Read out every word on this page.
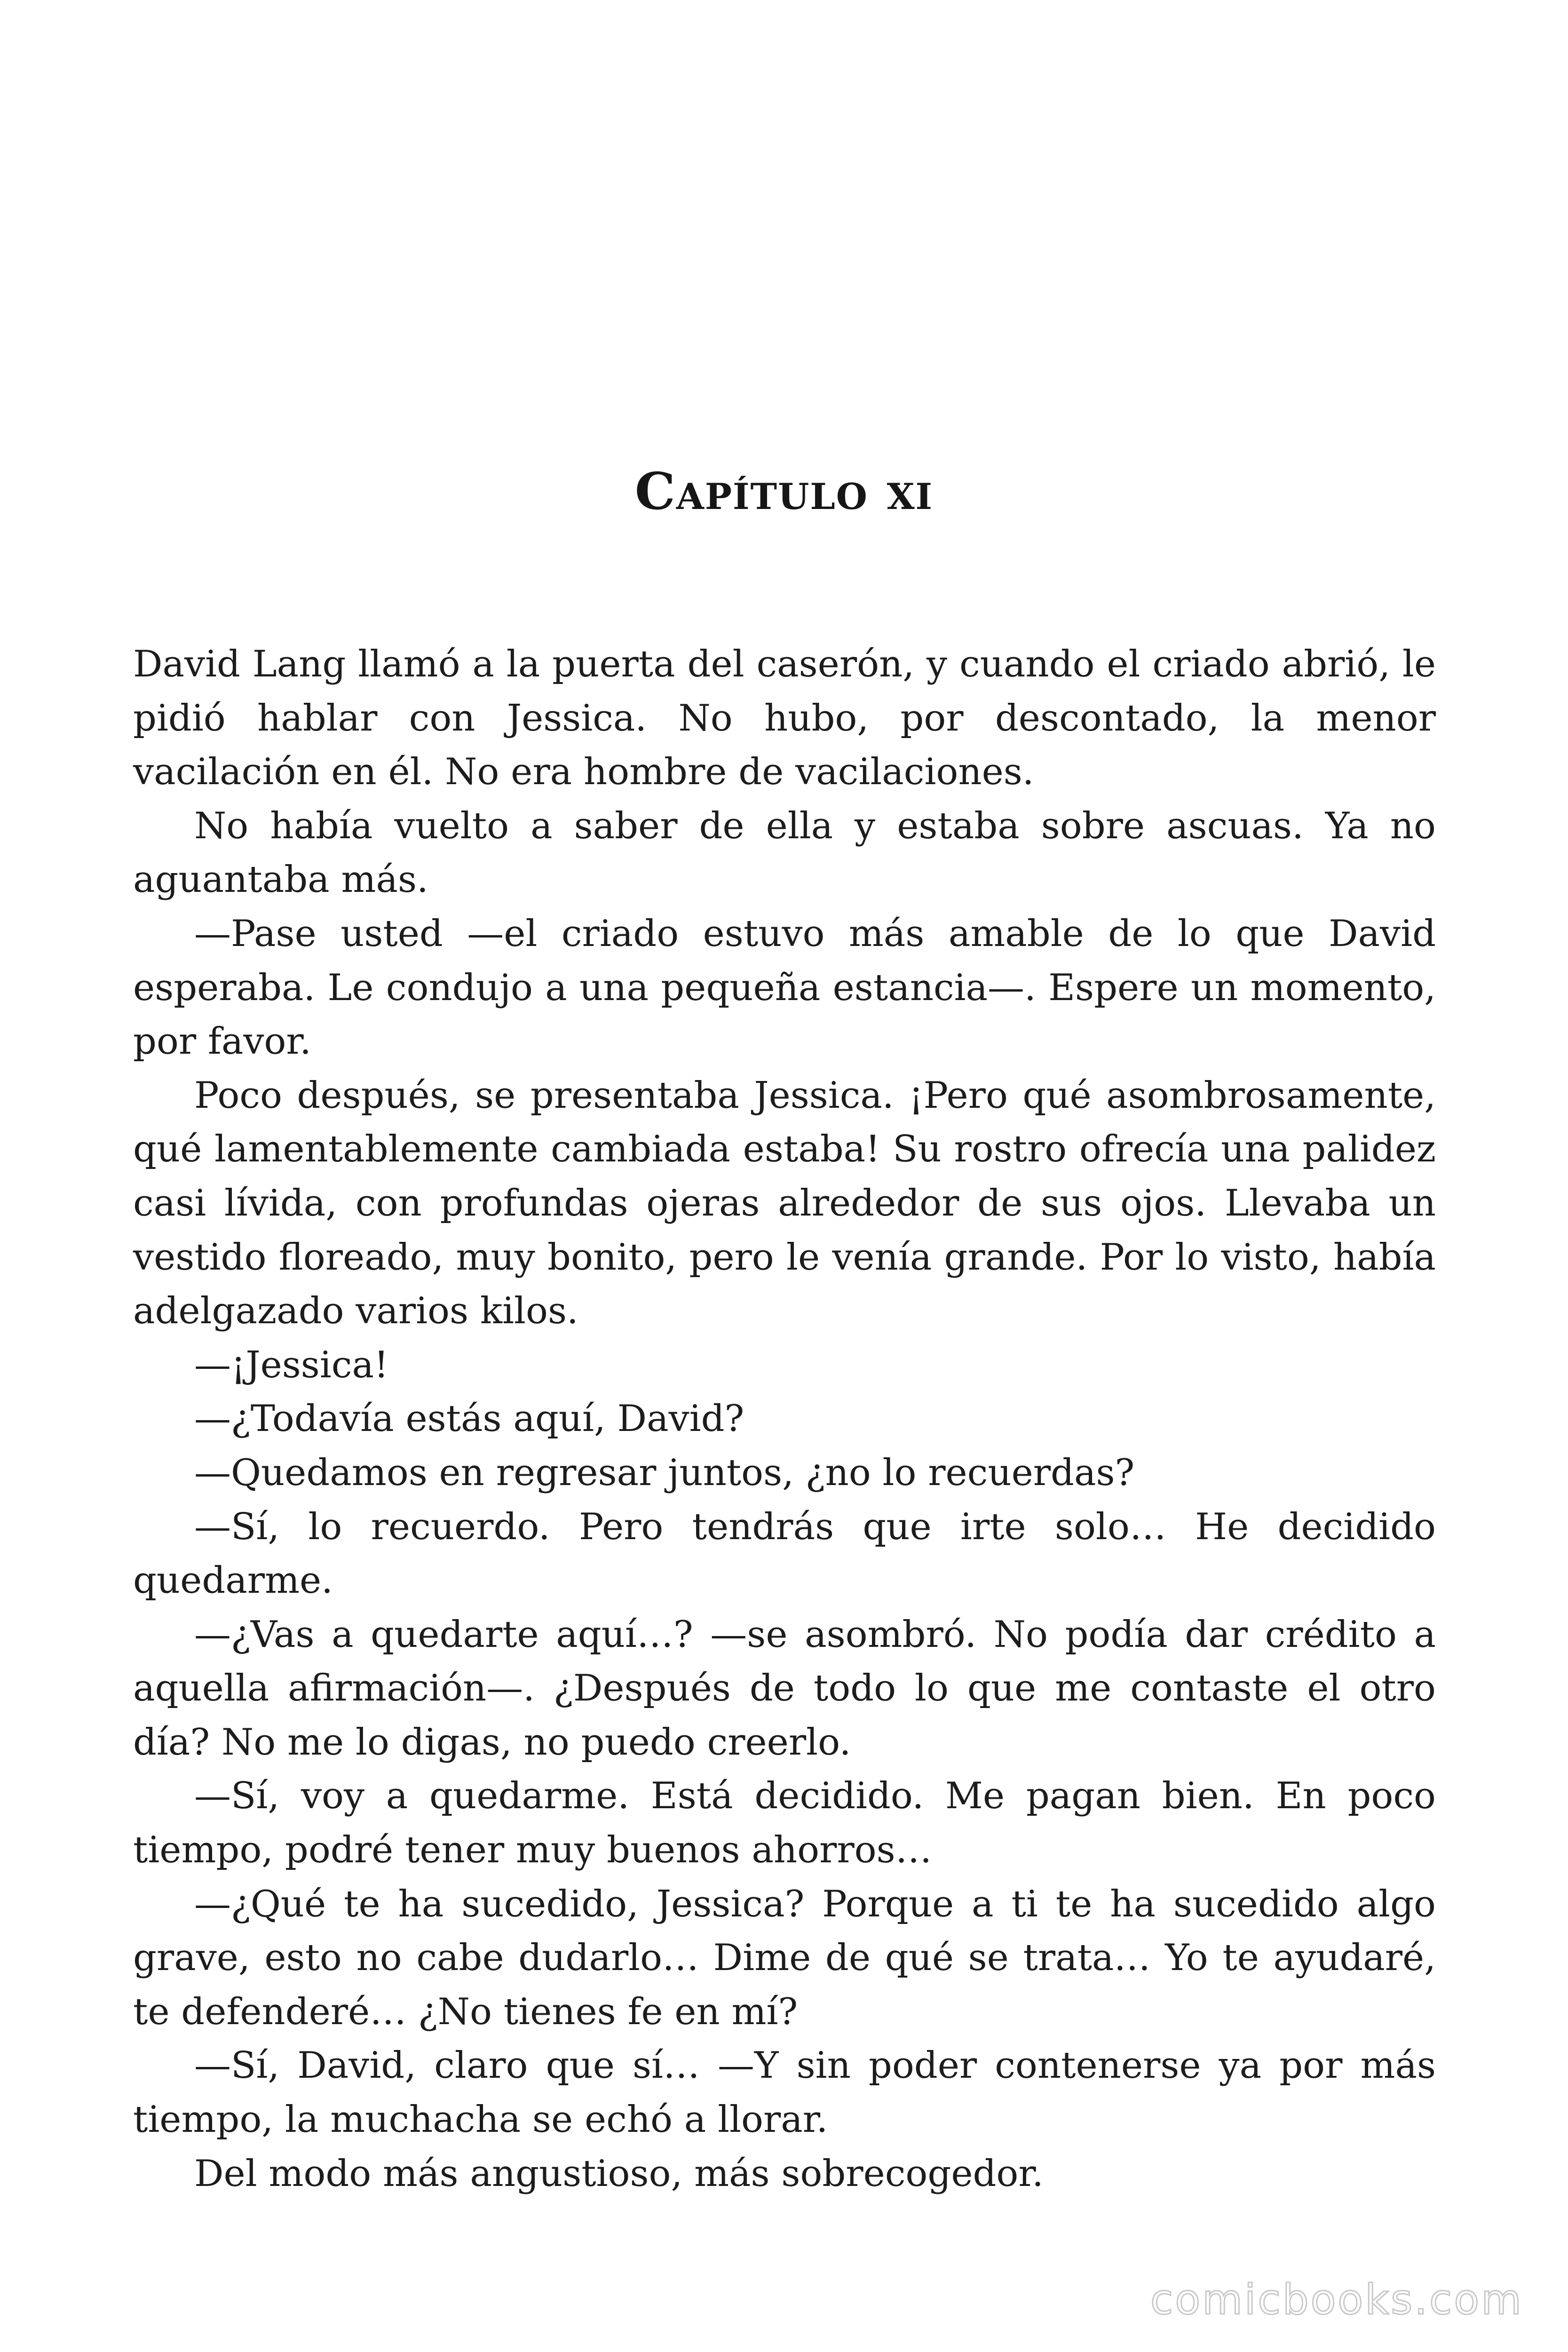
Capítulo xi

David Lang llamó a la puerta del caserón, y cuando el criado abrió, le pidió hablar con Jessica. No hubo, por descontado, la menor vacilación en él. No era hombre de vacilaciones.

No había vuelto a saber de ella y estaba sobre ascuas. Ya no aguantaba más.

—Pase usted —el criado estuvo más amable de lo que David esperaba. Le condujo a una pequeña estancia—. Espere un momento, por favor.

Poco después, se presentaba Jessica. ¡Pero qué asombrosamente, qué lamentablemente cambiada estaba! Su rostro ofrecía una palidez casi lívida, con profundas ojeras alrededor de sus ojos. Llevaba un vestido floreado, muy bonito, pero le venía grande. Por lo visto, había adelgazado varios kilos.

—¡Jessica!

—¿Todavía estás aquí, David?

—Quedamos en regresar juntos, ¿no lo recuerdas?

—Sí, lo recuerdo. Pero tendrás que irte solo… He decidido quedarme.

—¿Vas a quedarte aquí…? —se asombró. No podía dar crédito a aquella afirmación—. ¿Después de todo lo que me contaste el otro día? No me lo digas, no puedo creerlo.

—Sí, voy a quedarme. Está decidido. Me pagan bien. En poco tiempo, podré tener muy buenos ahorros…

—¿Qué te ha sucedido, Jessica? Porque a ti te ha sucedido algo grave, esto no cabe dudarlo… Dime de qué se trata… Yo te ayudaré, te defenderé… ¿No tienes fe en mí?

—Sí, David, claro que sí… —Y sin poder contenerse ya por más tiempo, la muchacha se echó a llorar.

Del modo más angustioso, más sobrecogedor.

comicbooks.com
